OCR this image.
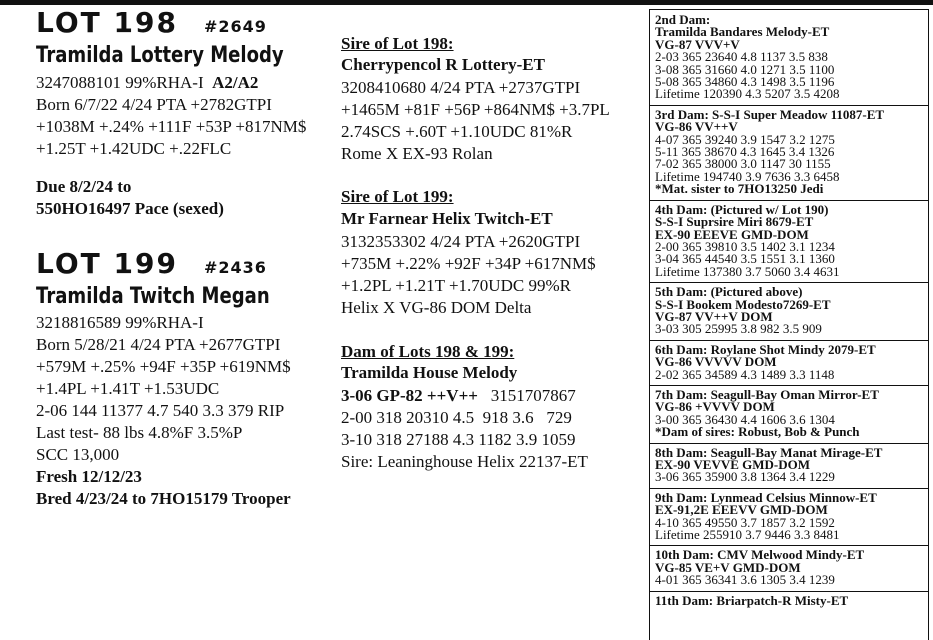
LOT 198 #2649
Tramilda Lottery Melody
3247088101 99%RHA-I A2/A2
Born 6/7/22 4/24 PTA +2782GTPI
+1038M +.24% +111F +53P +817NM$
+1.25T +1.42UDC +.22FLC
Due 8/2/24 to
550HO16497 Pace (sexed)
LOT 199 #2436
Tramilda Twitch Megan
3218816589 99%RHA-I
Born 5/28/21 4/24 PTA +2677GTPI
+579M +.25% +94F +35P +619NM$
+1.4PL +1.41T +1.53UDC
2-06 144 11377 4.7 540 3.3 379 RIP
Last test- 88 lbs 4.8%F 3.5%P
SCC 13,000
Fresh 12/12/23
Bred 4/23/24 to 7HO15179 Trooper
Sire of Lot 198:
Cherrypencol R Lottery-ET
3208410680 4/24 PTA +2737GTPI
+1465M +81F +56P +864NM$ +3.7PL
2.74SCS +.60T +1.10UDC 81%R
Rome X EX-93 Rolan
Sire of Lot 199:
Mr Farnear Helix Twitch-ET
3132353302 4/24 PTA +2620GTPI
+735M +.22% +92F +34P +617NM$
+1.2PL +1.21T +1.70UDC 99%R
Helix X VG-86 DOM Delta
Dam of Lots 198 & 199:
Tramilda House Melody
3-06 GP-82 ++V++ 3151707867
2-00 318 20310 4.5  918 3.6   729
3-10 318 27188 4.3 1182 3.9 1059
Sire: Leaninghouse Helix 22137-ET
2nd Dam:
Tramilda Bandares Melody-ET
VG-87 VVV+V
2-03 365 23640 4.8 1137 3.5 838
3-08 365 31660 4.0 1271 3.5 1100
5-08 365 34860 4.3 1498 3.5 1196
Lifetime 120390 4.3 5207 3.5 4208
3rd Dam: S-S-I Super Meadow 11087-ET
VG-86 VV++V
4-07 365 39240 3.9 1547 3.2 1275
5-11 365 38670 4.3 1645 3.4 1326
7-02 365 38000 3.0 1147 30 1155
Lifetime 194740 3.9 7636 3.3 6458
*Mat. sister to 7HO13250 Jedi
4th Dam: (Pictured w/ Lot 190)
S-S-I Suprsire Miri 8679-ET
EX-90 EEEVE GMD-DOM
2-00 365 39810 3.5 1402 3.1 1234
3-04 365 44540 3.5 1551 3.1 1360
Lifetime 137380 3.7 5060 3.4 4631
5th Dam: (Pictured above)
S-S-I Bookem Modesto7269-ET
VG-87 VV++V DOM
3-03 305 25995 3.8 982 3.5 909
6th Dam: Roylane Shot Mindy 2079-ET
VG-86 VVVVV DOM
2-02 365 34589 4.3 1489 3.3 1148
7th Dam: Seagull-Bay Oman Mirror-ET
VG-86 +VVVV DOM
3-00 365 36430 4.4 1606 3.6 1304
*Dam of sires: Robust, Bob & Punch
8th Dam: Seagull-Bay Manat Mirage-ET
EX-90 VEVVE GMD-DOM
3-06 365 35900 3.8 1364 3.4 1229
9th Dam: Lynmead Celsius Minnow-ET
EX-91,2E EEEVV GMD-DOM
4-10 365 49550 3.7 1857 3.2 1592
Lifetime 255910 3.7 9446 3.3 8481
10th Dam: CMV Melwood Mindy-ET
VG-85 VE+V GMD-DOM
4-01 365 36341 3.6 1305 3.4 1239
11th Dam: Briarpatch-R Misty-ET
